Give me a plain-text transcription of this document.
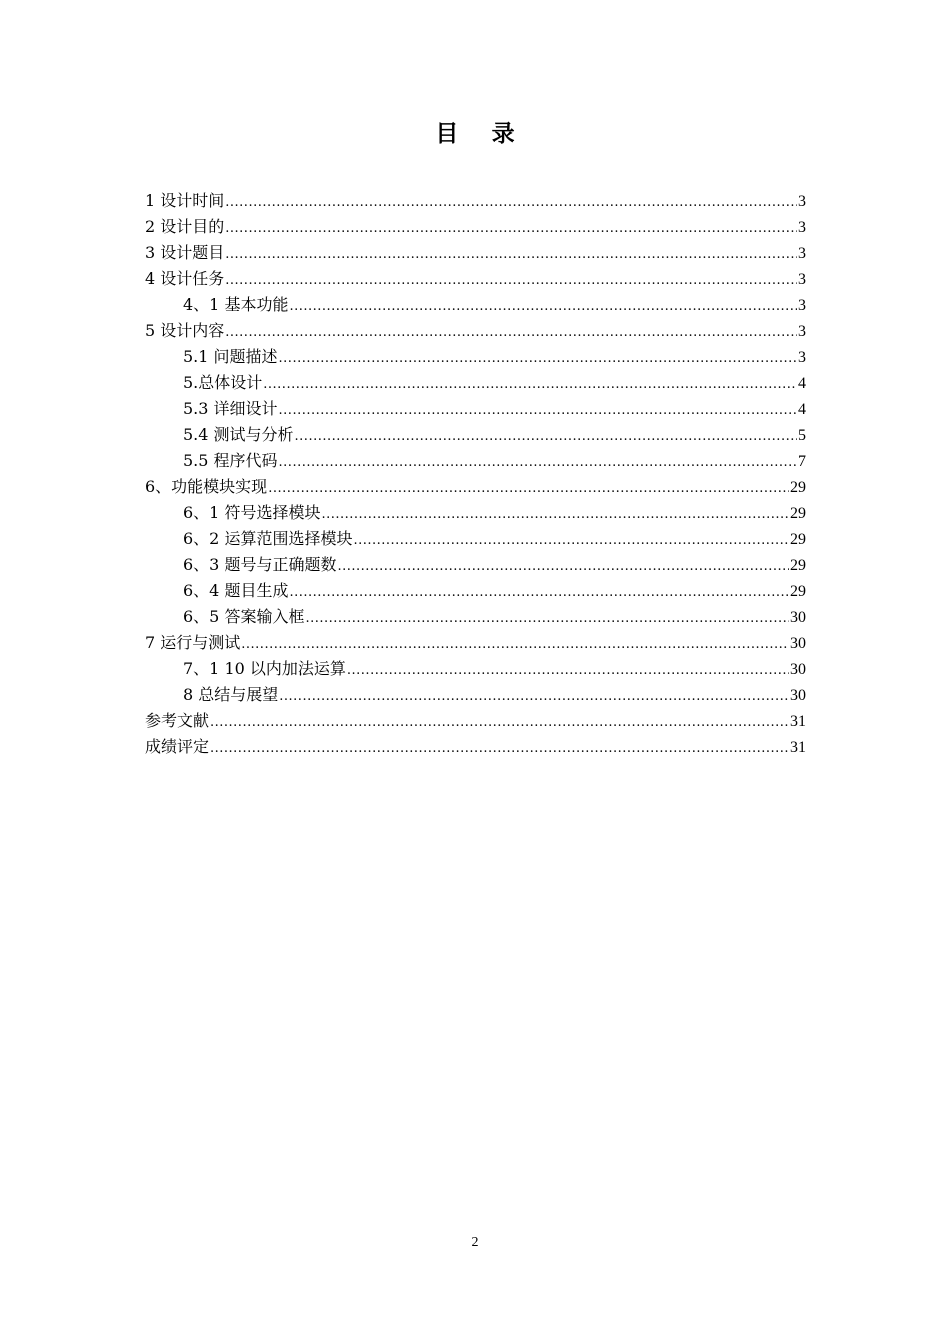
目 录
1 设计时间 .....	3
2 设计目的 .....	3
3 设计题目 .....	3
4 设计任务 .....	3
4、1 基本功能 .....	3
5 设计内容 .....	3
5.1 问题描述 .....	3
5.总体设计 .....	4
5.3 详细设计 .....	4
5.4 测试与分析 .....	5
5.5 程序代码 .....	7
6、功能模块实现 .....	29
6、1 符号选择模块 .....	29
6、2 运算范围选择模块 .....	29
6、3 题号与正确题数 .....	29
6、4 题目生成 .....	29
6、5 答案输入框 .....	30
7 运行与测试 .....	30
7、1 10 以内加法运算 .....	30
8 总结与展望 .....	30
参考文献 .....	31
成绩评定 .....	31
2
